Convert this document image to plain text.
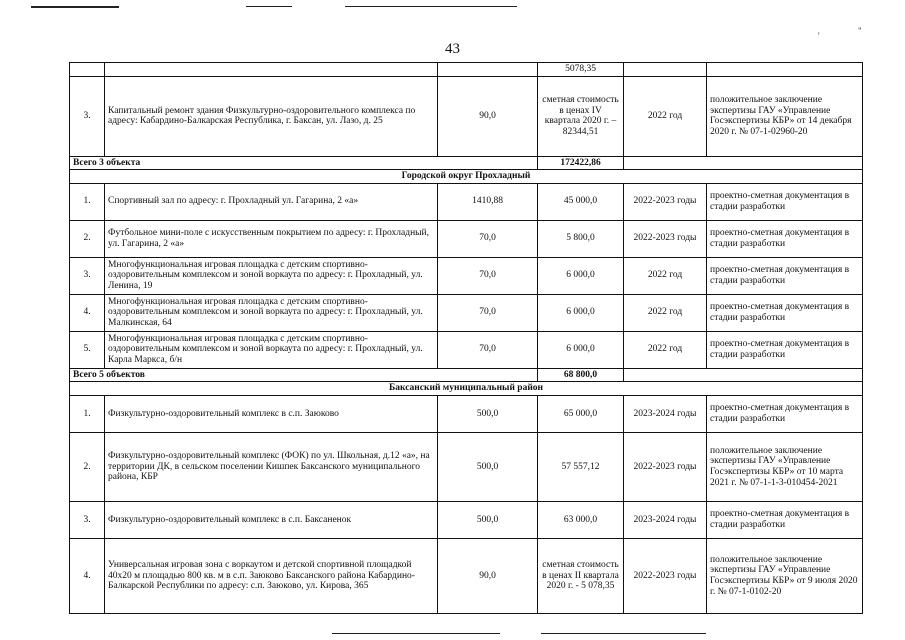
'	"
43
			5078,35		
3.	Капитальный ремонт здания Физкультурно-оздоровительного комплекса по адресу: Кабардино-Балкарская Республика, г. Баксан, ул. Лазо, д. 25	90,0	сметная стоимость в ценах IV квартала 2020 г. – 82344,51	2022 год	положительное заключение экспертизы ГАУ «Управление Госэкспертизы КБР» от 14 декабря 2020 г. № 07-1-02960-20
Всего 3 объекта			172422,86		
Городской округ Прохладный					
1.	Спортивный зал по адресу: г. Прохладный ул. Гагарина, 2 «а»	1410,88	45 000,0	2022-2023 годы	проектно-сметная документация в стадии разработки
2.	Футбольное мини-поле с искусственным покрытием по адресу: г. Прохладный, ул. Гагарина, 2 «а»	70,0	5 800,0	2022-2023 годы	проектно-сметная документация в стадии разработки
3.	Многофункциональная игровая площадка с детским спортивно-оздоровительным комплексом и зоной воркаута по адресу: г. Прохладный, ул. Ленина, 19	70,0	6 000,0	2022 год	проектно-сметная документация в стадии разработки
4.	Многофункциональная игровая площадка с детским спортивно-оздоровительным комплексом и зоной воркаута по адресу: г. Прохладный, ул. Малкинская, 64	70,0	6 000,0	2022 год	проектно-сметная документация в стадии разработки
5.	Многофункциональная игровая площадка с детским спортивно-оздоровительным комплексом и зоной воркаута по адресу: г. Прохладный, ул. Карла Маркса, б/н	70,0	6 000,0	2022 год	проектно-сметная документация в стадии разработки
Всего 5 объектов			68 800,0		
Баксанский муниципальный район					
1.	Физкультурно-оздоровительный комплекс в с.п. Заюково	500,0	65 000,0	2023-2024 годы	проектно-сметная документация в стадии разработки
2.	Физкультурно-оздоровительный комплекс (ФОК) по ул. Школьная, д.12 «а», на территории ДК, в сельском поселении Кишпек Баксанского муниципального района, КБР	500,0	57 557,12	2022-2023 годы	положительное заключение экспертизы ГАУ «Управление Госэкспертизы КБР» от 10 марта 2021 г. № 07-1-1-3-010454-2021
3.	Физкультурно-оздоровительный комплекс в с.п. Баксаненок	500,0	63 000,0	2023-2024 годы	проектно-сметная документация в стадии разработки
4.	Универсальная игровая зона с воркаутом и детской спортивной площадкой 40х20 м площадью 800 кв. м в с.п. Заюково Баксанского района Кабардино-Балкарской Республики по адресу: с.п. Заюково, ул. Кирова, 365	90,0	сметная стоимость в ценах II квартала 2020 г. - 5 078,35	2022-2023 годы	положительное заключение экспертизы ГАУ «Управление Госэкспертизы КБР» от 9 июля 2020 г. № 07-1-0102-20
